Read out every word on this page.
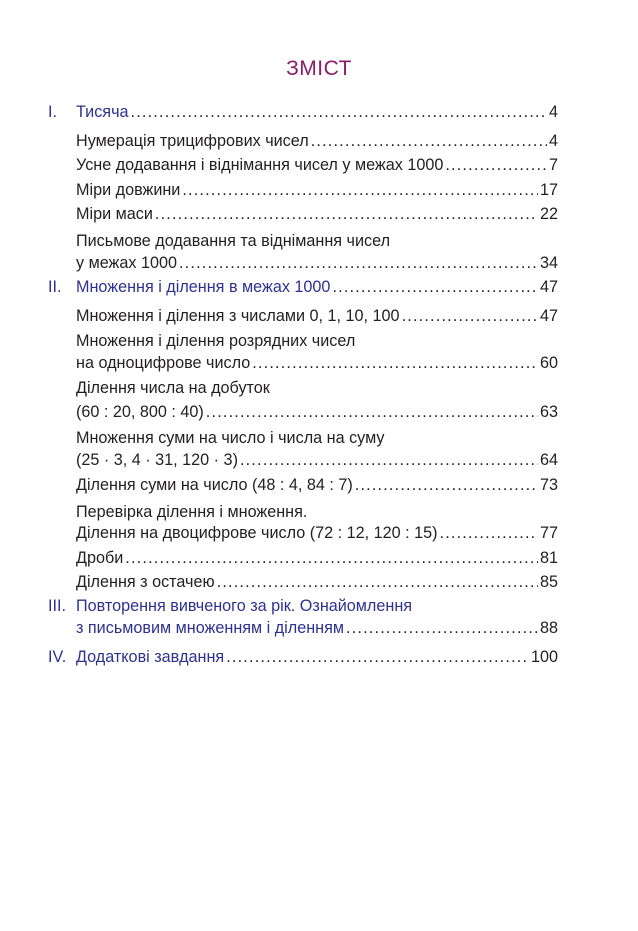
ЗМІСТ
I. Тисяча .....	4
Нумерація трицифрових чисел .....	4
Усне додавання і віднімання чисел у межах 1000 .....	7
Міри довжини .....	17
Міри маси .....	22
Письмове додавання та віднімання чисел
у межах 1000 .....	34
II. Множення і ділення в межах 1000 .....	47
Множення і ділення з числами 0, 1, 10, 100 .....	47
Множення і ділення розрядних чисел
на одноцифрове число .....	60
Ділення числа на добуток
(60 : 20, 800 : 40) .....	63
Множення суми на число і числа на суму
(25 · 3, 4 · 31, 120 · 3) .....	64
Ділення суми на число (48 : 4, 84 : 7) .....	73
Перевірка ділення і множення.
Ділення на двоцифрове число (72 : 12, 120 : 15) .....	77
Дроби .....	81
Ділення з остачею .....	85
III. Повторення вивченого за рік. Ознайомлення
з письмовим множенням і діленням .....	88
IV. Додаткові завдання .....	100
